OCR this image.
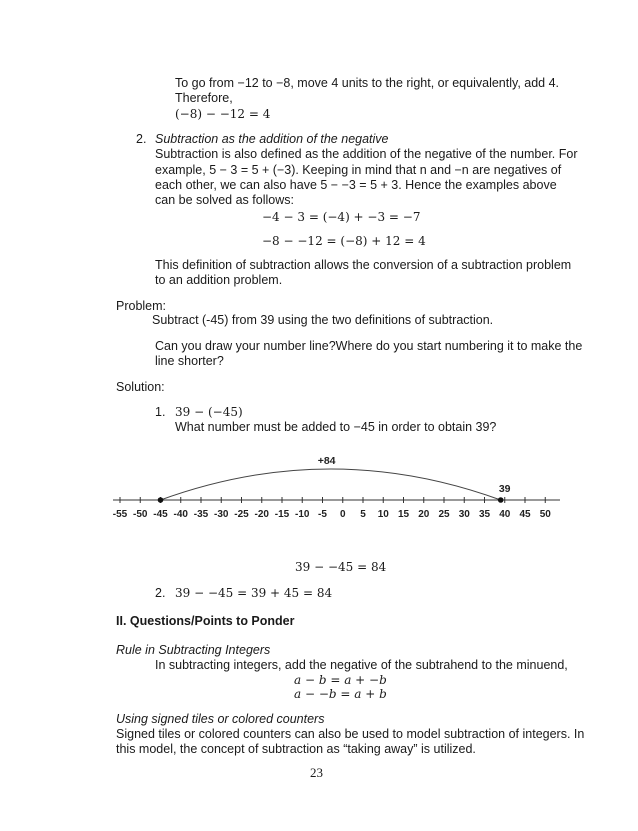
To go from −12 to −8, move 4 units to the right, or equivalently, add 4.
Therefore,
(−8) − −12 = 4
2. Subtraction as the addition of the negative
Subtraction is also defined as the addition of the negative of the number. For
example, 5 − 3 = 5 + (−3). Keeping in mind that n and −n are negatives of
each other, we can also have 5 − −3 = 5 + 3. Hence the examples above
can be solved as follows:
−4 − 3 = (−4) + −3 = −7
−8 − −12 = (−8) + 12 = 4
This definition of subtraction allows the conversion of a subtraction problem
to an addition problem.
Problem:
Subtract (-45) from 39 using the two definitions of subtraction.
Can you draw your number line?Where do you start numbering it to make the
line shorter?
Solution:
1. 39 − (−45)
What number must be added to −45 in order to obtain 39?
-55 -50 -45 -40 -35 -30 -25 -20 -15 -10 -5 0 5 10 15 20 25 30 35 40 45 50
+84
39
39 − −45 = 84
2. 39 − −45 = 39 + 45 = 84
II. Questions/Points to Ponder
Rule in Subtracting Integers
In subtracting integers, add the negative of the subtrahend to the minuend,
a − b = a + −b
a − −b = a + b
Using signed tiles or colored counters
Signed tiles or colored counters can also be used to model subtraction of integers. In
this model, the concept of subtraction as “taking away” is utilized.
23
